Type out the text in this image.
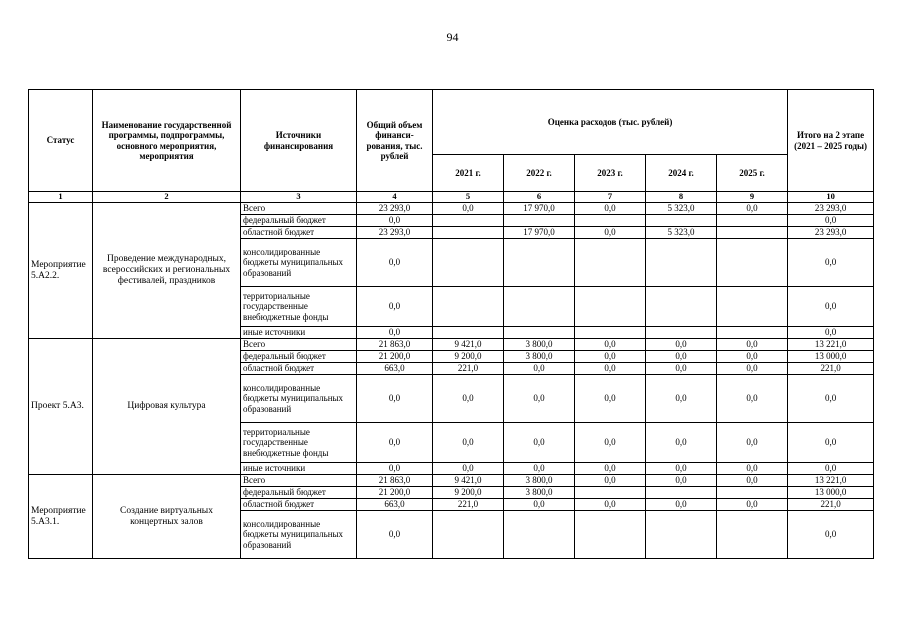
94
Статус	Наименование государственной программы, подпрограммы, основного мероприятия, мероприятия	Источники финансирования	Общий объем финанси-рования, тыс. рублей	Оценка расходов (тыс. рублей)					Итого на 2 этапе (2021 – 2025 годы)
				2021 г.	2022 г.	2023 г.	2024 г.	2025 г.	
1	2	3	4	5	6	7	8	9	10
Мероприятие 5.А2.2.	Проведение международных, всероссийских и региональных фестивалей, праздников	Всего	23 293,0	0,0	17 970,0	0,0	5 323,0	0,0	23 293,0
		федеральный бюджет	0,0						0,0
		областной бюджет	23 293,0		17 970,0	0,0	5 323,0		23 293,0
		консолидированные бюджеты муниципальных образований	0,0						0,0
		территориальные государственные внебюджетные фонды	0,0						0,0
		иные источники	0,0						0,0
Проект 5.А3.	Цифровая культура	Всего	21 863,0	9 421,0	3 800,0	0,0	0,0	0,0	13 221,0
		федеральный бюджет	21 200,0	9 200,0	3 800,0	0,0	0,0	0,0	13 000,0
		областной бюджет	663,0	221,0	0,0	0,0	0,0	0,0	221,0
		консолидированные бюджеты муниципальных образований	0,0	0,0	0,0	0,0	0,0	0,0	0,0
		территориальные государственные внебюджетные фонды	0,0	0,0	0,0	0,0	0,0	0,0	0,0
		иные источники	0,0	0,0	0,0	0,0	0,0	0,0	0,0
Мероприятие 5.А3.1.	Создание виртуальных концертных залов	Всего	21 863,0	9 421,0	3 800,0	0,0	0,0	0,0	13 221,0
		федеральный бюджет	21 200,0	9 200,0	3 800,0				13 000,0
		областной бюджет	663,0	221,0	0,0	0,0	0,0	0,0	221,0
		консолидированные бюджеты муниципальных образований	0,0						0,0
